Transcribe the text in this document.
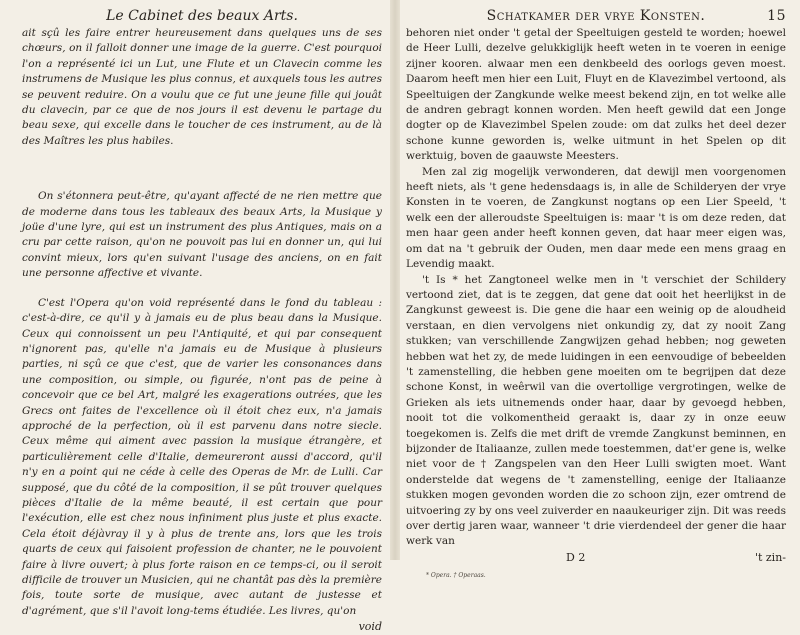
Le Cabinet des beaux Arts.

ait sçû les faire entrer heureusement dans quelques uns de ses chœurs, on il falloit donner une image de la guerre. C'est pourquoi l'on a représenté ici un Lut, une Flute et un Clavecin comme les instrumens de Musique les plus connus, et auxquels tous les autres se peuvent reduire. On a voulu que ce fut une jeune fille qui jouât du clavecin, par ce que de nos jours il est devenu le partage du beau sexe, qui excelle dans le toucher de ces instrument, au de là des Maîtres les plus habiles.

On s'étonnera peut-être, qu'ayant affecté de ne rien mettre que de moderne dans tous les tableaux des beaux Arts, la Musique y joüe d'une lyre, qui est un instrument des plus Antiques, mais on a cru par cette raison, qu'on ne pouvoit pas lui en donner un, qui lui convint mieux, lors qu'en suivant l'usage des anciens, on en fait une personne affective et vivante.

C'est l'Opera qu'on void représenté dans le fond du tableau : c'est-à-dire, ce qu'il y à jamais eu de plus beau dans la Musique. Ceux qui connoissent un peu l'Antiquité, et qui par consequent n'ignorent pas, qu'elle n'a jamais eu de Musique à plusieurs parties, ni sçû ce que c'est, que de varier les consonances dans une composition, ou simple, ou figurée, n'ont pas de peine à concevoir que ce bel Art, malgré les exagerations outrées, que les Grecs ont faites de l'excellence où il étoit chez eux, n'a jamais approché de la perfection, où il est parvenu dans notre siecle. Ceux même qui aiment avec passion la musique étrangère, et particulièrement celle d'Italie, demeureront aussi d'accord, qu'il n'y en a point qui ne céde à celle des Operas de Mr. de Lulli. Car supposé, que du côté de la composition, il se pût trouver quelques pièces d'Italie de la même beauté, il est certain que pour l'exécution, elle est chez nous infiniment plus juste et plus exacte. Cela étoit déjàvray il y à plus de trente ans, lors que les trois quarts de ceux qui faisoient profession de chanter, ne le pouvoient faire à livre ouvert; à plus forte raison en ce temps-ci, ou il seroit difficile de trouver un Musicien, qui ne chantât pas dès la première fois, toute sorte de musique, avec autant de justesse et d'agrément, que s'il l'avoit long-tems étudiée. Les livres, qu'on

void
Schatkamer der vrye Konsten.	15

behoren niet onder 't getal der Speeltuigen gesteld te worden; hoewel de Heer Lulli, dezelve gelukkiglijk heeft weten in te voeren in eenige zijner kooren. alwaar men een denkbeeld des oorlogs geven moest. Daarom heeft men hier een Luit, Fluyt en de Klavezimbel vertoond, als Speeltuigen der Zangkunde welke meest bekend zijn, en tot welke alle de andren gebragt konnen worden. Men heeft gewild dat een Jonge dogter op de Klavezimbel Spelen zoude: om dat zulks het deel dezer schone kunne geworden is, welke uitmunt in het Spelen op dit werktuig, boven de gaauwste Meesters.

Men zal zig mogelijk verwonderen, dat dewijl men voorgenomen heeft niets, als 't gene hedensdaags is, in alle de Schilderyen der vrye Konsten in te voeren, de Zangkunst nogtans op een Lier Speeld, 't welk een der alleroudste Speeltuigen is: maar 't is om deze reden, dat men haar geen ander heeft konnen geven, dat haar meer eigen was, om dat na 't gebruik der Ouden, men daar mede een mens graag en Levendig maakt.

't Is * het Zangtoneel welke men in 't verschiet der Schildery vertoond ziet, dat is te zeggen, dat gene dat ooit het heerlijkst in de Zangkunst geweest is. Die gene die haar een weinig op de aloudheid verstaan, en dien vervolgens niet onkundig zy, dat zy nooit Zang stukken; van verschillende Zangwijzen gehad hebben; nog geweten hebben wat het zy, de mede luidingen in een eenvoudige of bebeelden 't zamenstelling, die hebben gene moeiten om te begrijpen dat deze schone Konst, in weêrwil van die overtollige vergrotingen, welke de Grieken als iets uitnemends onder haar, daar by gevoegd hebben, nooit tot die volkomentheid geraakt is, daar zy in onze eeuw toegekomen is. Zelfs die met drift de vremde Zangkunst beminnen, en bijzonder de Italiaanze, zullen mede toestemmen, dat'er gene is, welke niet voor de † Zangspelen van den Heer Lulli swigten moet. Want onderstelde dat wegens de 't zamenstelling, eenige der Italiaanze stukken mogen gevonden worden die zo schoon zijn, ezer omtrend de uitvoering zy by ons veel zuiverder en naaukeuriger zijn. Dit was reeds over dertig jaren waar, wanneer 't drie vierdendeel der gener die haar werk van

D 2	't zin-
* Opera. † Operaas.
